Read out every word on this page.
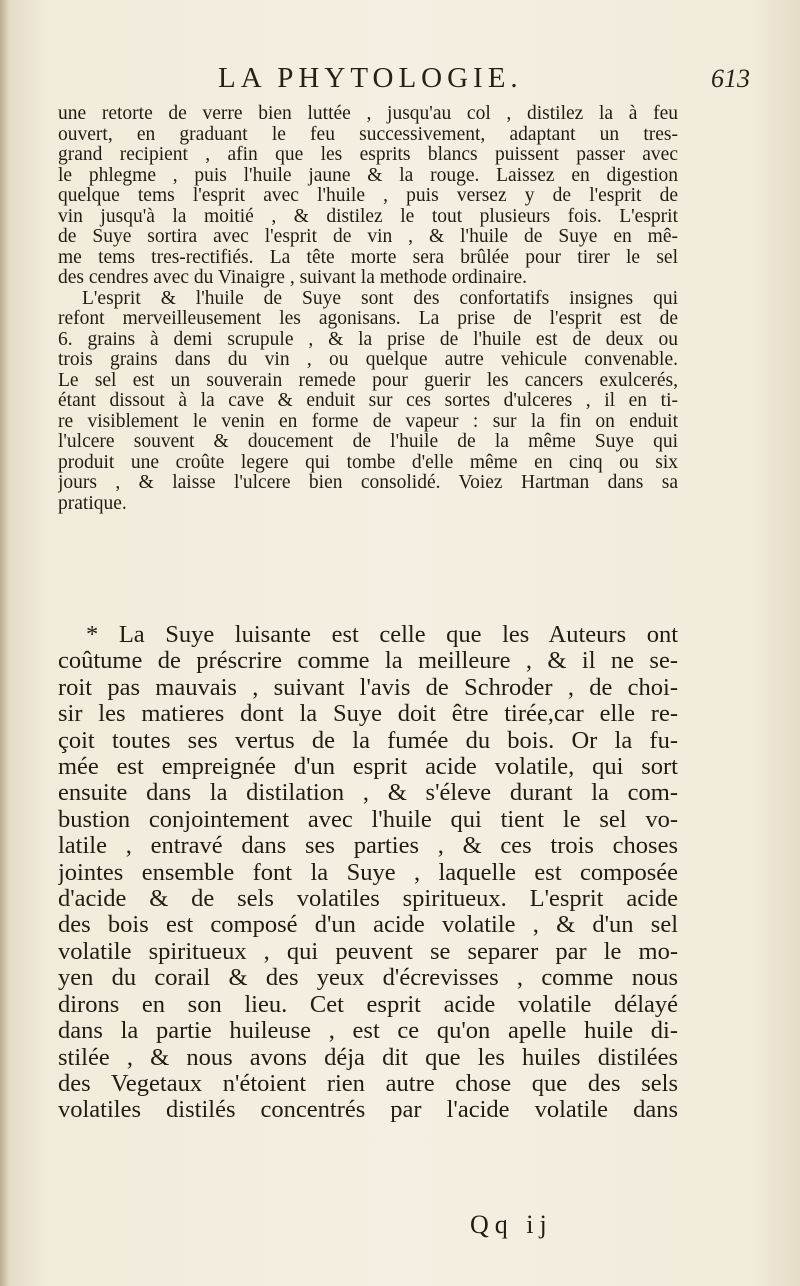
LA PHYTOLOGIE.	613
une retorte de verre bien luttée , jusqu'au col , distilez la à feu
ouvert, en graduant le feu successivement, adaptant un tres-
grand recipient , afin que les esprits blancs puissent passer avec
le phlegme , puis l'huile jaune & la rouge. Laissez en digestion
quelque tems l'esprit avec l'huile , puis versez y de l'esprit de
vin jusqu'à la moitié , & distilez le tout plusieurs fois. L'esprit
de Suye sortira avec l'esprit de vin , & l'huile de Suye en mê-
me tems tres-rectifiés. La tête morte sera brûlée pour tirer le sel
des cendres avec du Vinaigre , suivant la methode ordinaire.
L'esprit & l'huile de Suye sont des confortatifs insignes qui
refont merveilleusement les agonisans. La prise de l'esprit est de
6. grains à demi scrupule , & la prise de l'huile est de deux ou
trois grains dans du vin , ou quelque autre vehicule convenable.
Le sel est un souverain remede pour guerir les cancers exulcerés,
étant dissout à la cave & enduit sur ces sortes d'ulceres , il en ti-
re visiblement le venin en forme de vapeur : sur la fin on enduit
l'ulcere souvent & doucement de l'huile de la même Suye qui
produit une croûte legere qui tombe d'elle même en cinq ou six
jours , & laisse l'ulcere bien consolidé. Voiez Hartman dans sa
pratique.
* La Suye luisante est celle que les Auteurs ont
coûtume de préscrire comme la meilleure , & il ne se-
roit pas mauvais , suivant l'avis de Schroder , de choi-
sir les matieres dont la Suye doit être tirée,car elle re-
çoit toutes ses vertus de la fumée du bois. Or la fu-
mée est empreignée d'un esprit acide volatile, qui sort
ensuite dans la distilation , & s'éleve durant la com-
bustion conjointement avec l'huile qui tient le sel vo-
latile , entravé dans ses parties , & ces trois choses
jointes ensemble font la Suye , laquelle est composée
d'acide & de sels volatiles spiritueux. L'esprit acide
des bois est composé d'un acide volatile , & d'un sel
volatile spiritueux , qui peuvent se separer par le mo-
yen du corail & des yeux d'écrevisses , comme nous
dirons en son lieu. Cet esprit acide volatile délayé
dans la partie huileuse , est ce qu'on apelle huile di-
stilée , & nous avons déja dit que les huiles distilées
des Vegetaux n'étoient rien autre chose que des sels
volatiles distilés concentrés par l'acide volatile dans
Qq ij
